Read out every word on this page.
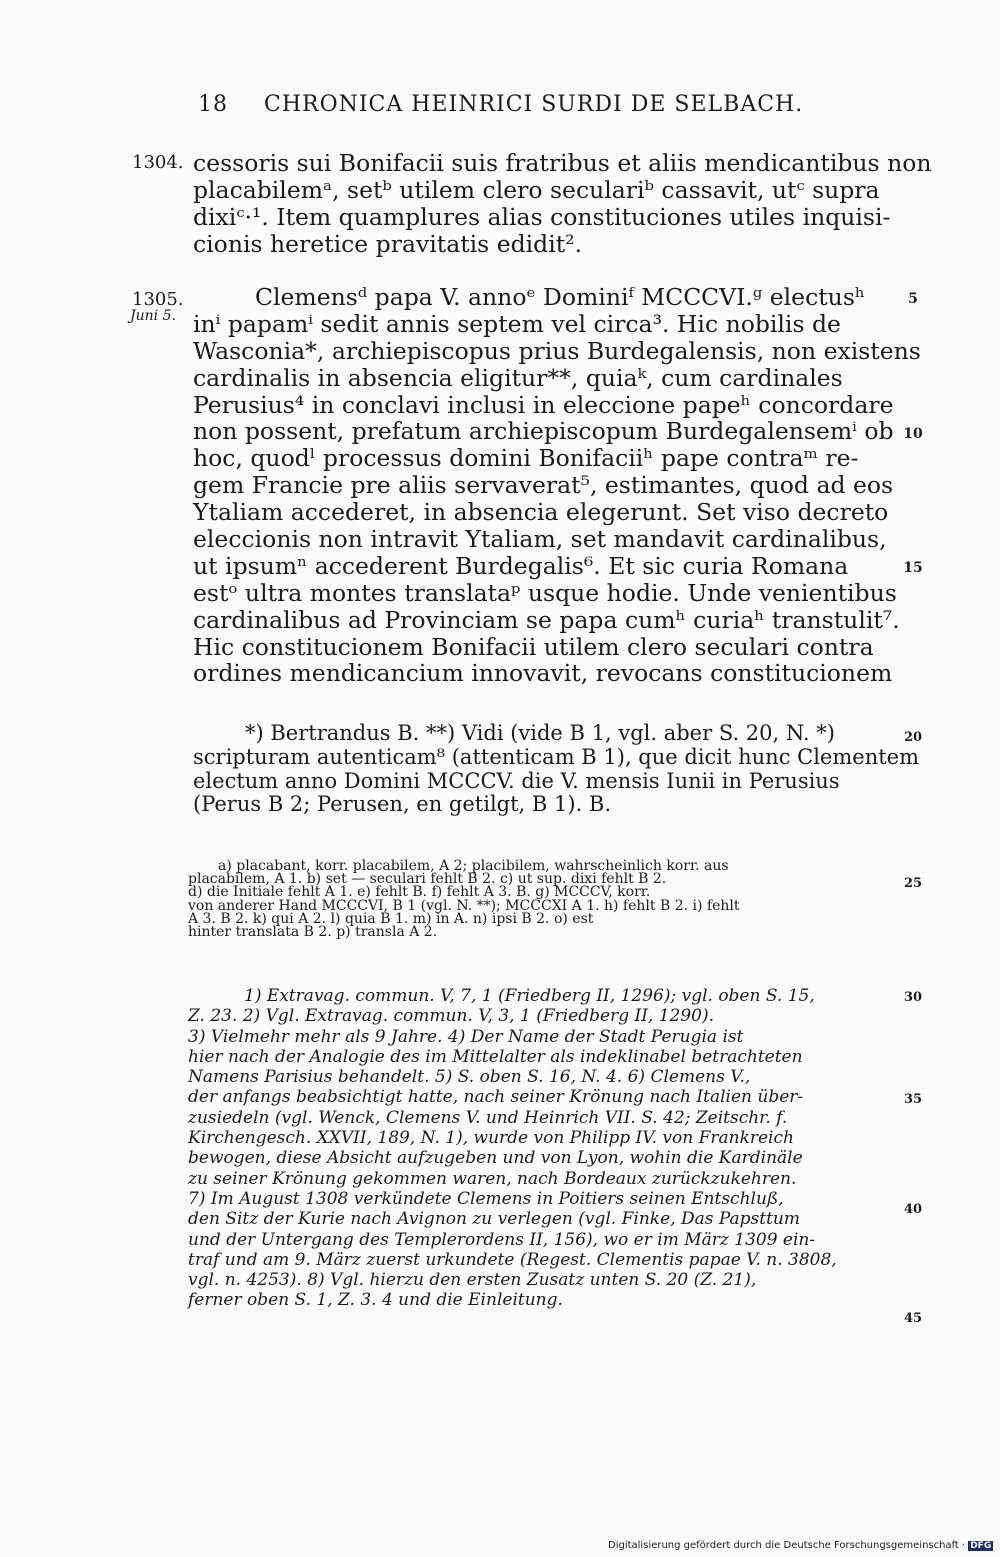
18 CHRONICA HEINRICI SURDI DE SELBACH.
1304.
1305.
Juni 5.
cessoris sui Bonifacii suis fratribus et aliis mendicantibus non
placabilemᵃ, setᵇ utilem clero seculariᵇ cassavit, utᶜ supra
dixiᶜ·¹. Item quamplures alias constituciones utiles inquisi-
cionis heretice pravitatis edidit².
Clemensᵈ papa V. annoᵉ Dominiᶠ MCCCVI.ᵍ electusʰ
inⁱ papamⁱ sedit annis septem vel circa³. Hic nobilis de
Wasconia*, archiepiscopus prius Burdegalensis, non existens
cardinalis in absencia eligitur**, quiaᵏ, cum cardinales
Perusius⁴ in conclavi inclusi in eleccione papeʰ concordare
non possent, prefatum archiepiscopum Burdegalensemⁱ ob
hoc, quodˡ processus domini Bonifaciiʰ pape contraᵐ re-
gem Francie pre aliis servaverat⁵, estimantes, quod ad eos
Ytaliam accederet, in absencia elegerunt. Set viso decreto
eleccionis non intravit Ytaliam, set mandavit cardinalibus,
ut ipsumⁿ accederent Burdegalis⁶. Et sic curia Romana
estᵒ ultra montes translataᵖ usque hodie. Unde venientibus
cardinalibus ad Provinciam se papa cumʰ curiaʰ transtulit⁷.
Hic constitucionem Bonifacii utilem clero seculari contra
ordines mendicancium innovavit, revocans constitucionem
5
10
15
*) Bertrandus B. **) Vidi (vide B 1, vgl. aber S. 20, N. *)
scripturam autenticam⁸ (attenticam B 1), que dicit hunc Clementem
electum anno Domini MCCCV. die V. mensis Iunii in Perusius
(Perus B 2; Perusen, en getilgt, B 1). B.
20
a) placabant, korr. placabilem, A 2; placibilem, wahrscheinlich korr. aus
placabilem, A 1. b) set — seculari fehlt B 2. c) ut sup. dixi fehlt B 2.
d) die Initiale fehlt A 1. e) fehlt B. f) fehlt A 3. B. g) MCCCV, korr.
von anderer Hand MCCCVI, B 1 (vgl. N. **); MCCCXI A 1. h) fehlt B 2. i) fehlt
A 3. B 2. k) qui A 2. l) quia B 1. m) in A. n) ipsi B 2. o) est
hinter translata B 2. p) transla A 2.
25
1) Extravag. commun. V, 7, 1 (Friedberg II, 1296); vgl. oben S. 15,
Z. 23. 2) Vgl. Extravag. commun. V, 3, 1 (Friedberg II, 1290).
3) Vielmehr mehr als 9 Jahre. 4) Der Name der Stadt Perugia ist
hier nach der Analogie des im Mittelalter als indeklinabel betrachteten
Namens Parisius behandelt. 5) S. oben S. 16, N. 4. 6) Clemens V.,
der anfangs beabsichtigt hatte, nach seiner Krönung nach Italien über-
zusiedeln (vgl. Wenck, Clemens V. und Heinrich VII. S. 42; Zeitschr. f.
Kirchengesch. XXVII, 189, N. 1), wurde von Philipp IV. von Frankreich
bewogen, diese Absicht aufzugeben und von Lyon, wohin die Kardinäle
zu seiner Krönung gekommen waren, nach Bordeaux zurückzukehren.
7) Im August 1308 verkündete Clemens in Poitiers seinen Entschluß,
den Sitz der Kurie nach Avignon zu verlegen (vgl. Finke, Das Papsttum
und der Untergang des Templerordens II, 156), wo er im März 1309 ein-
traf und am 9. März zuerst urkundete (Regest. Clementis papae V. n. 3808,
vgl. n. 4253). 8) Vgl. hierzu den ersten Zusatz unten S. 20 (Z. 21),
ferner oben S. 1, Z. 3. 4 und die Einleitung.
30
35
40
45
Digitalisierung gefördert durch die Deutsche Forschungsgemeinschaft · DFG
